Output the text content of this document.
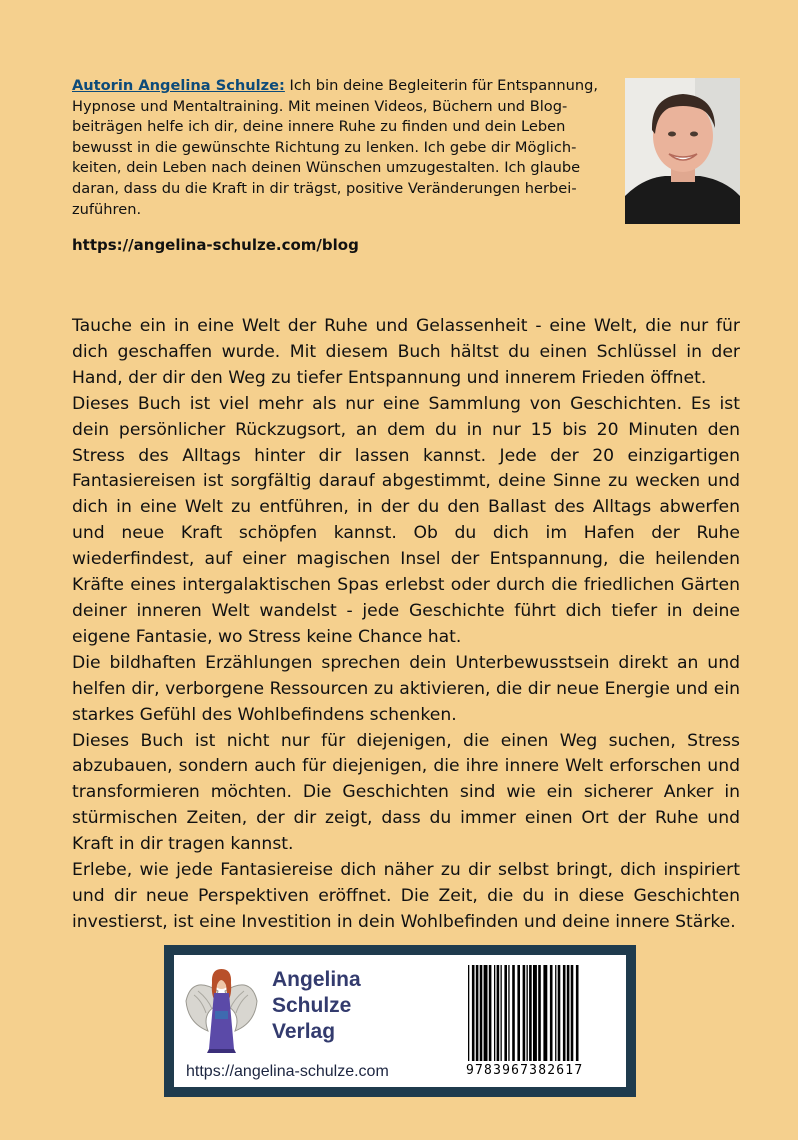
Autorin Angelina Schulze: Ich bin deine Begleiterin für Entspannung, Hypnose und Mentaltraining. Mit meinen Videos, Büchern und Blogbeiträgen helfe ich dir, deine innere Ruhe zu finden und dein Leben bewusst in die gewünschte Richtung zu lenken. Ich gebe dir Möglichkeiten, dein Leben nach deinen Wünschen umzugestalten. Ich glaube daran, dass du die Kraft in dir trägst, positive Veränderungen herbeizuführen.
https://angelina-schulze.com/blog

Tauche ein in eine Welt der Ruhe und Gelassenheit - eine Welt, die nur für dich geschaffen wurde. Mit diesem Buch hältst du einen Schlüssel in der Hand, der dir den Weg zu tiefer Entspannung und innerem Frieden öffnet.

Dieses Buch ist viel mehr als nur eine Sammlung von Geschichten. Es ist dein persönlicher Rückzugsort, an dem du in nur 15 bis 20 Minuten den Stress des Alltags hinter dir lassen kannst. Jede der 20 einzigartigen Fantasiereisen ist sorgfältig darauf abgestimmt, deine Sinne zu wecken und dich in eine Welt zu entführen, in der du den Ballast des Alltags abwerfen und neue Kraft schöpfen kannst. Ob du dich im Hafen der Ruhe wiederfindest, auf einer magischen Insel der Entspannung, die heilenden Kräfte eines intergalaktischen Spas erlebst oder durch die friedlichen Gärten deiner inneren Welt wandelst - jede Geschichte führt dich tiefer in deine eigene Fantasie, wo Stress keine Chance hat.

Die bildhaften Erzählungen sprechen dein Unterbewusstsein direkt an und helfen dir, verborgene Ressourcen zu aktivieren, die dir neue Energie und ein starkes Gefühl des Wohlbefindens schenken.

Dieses Buch ist nicht nur für diejenigen, die einen Weg suchen, Stress abzubauen, sondern auch für diejenigen, die ihre innere Welt erforschen und transformieren möchten. Die Geschichten sind wie ein sicherer Anker in stürmischen Zeiten, der dir zeigt, dass du immer einen Ort der Ruhe und Kraft in dir tragen kannst.

Erlebe, wie jede Fantasiereise dich näher zu dir selbst bringt, dich inspiriert und dir neue Perspektiven eröffnet. Die Zeit, die du in diese Geschichten investierst, ist eine Investition in dein Wohlbefinden und deine innere Stärke.

Angelina
Schulze
Verlag
https://angelina-schulze.com	9783967382617
